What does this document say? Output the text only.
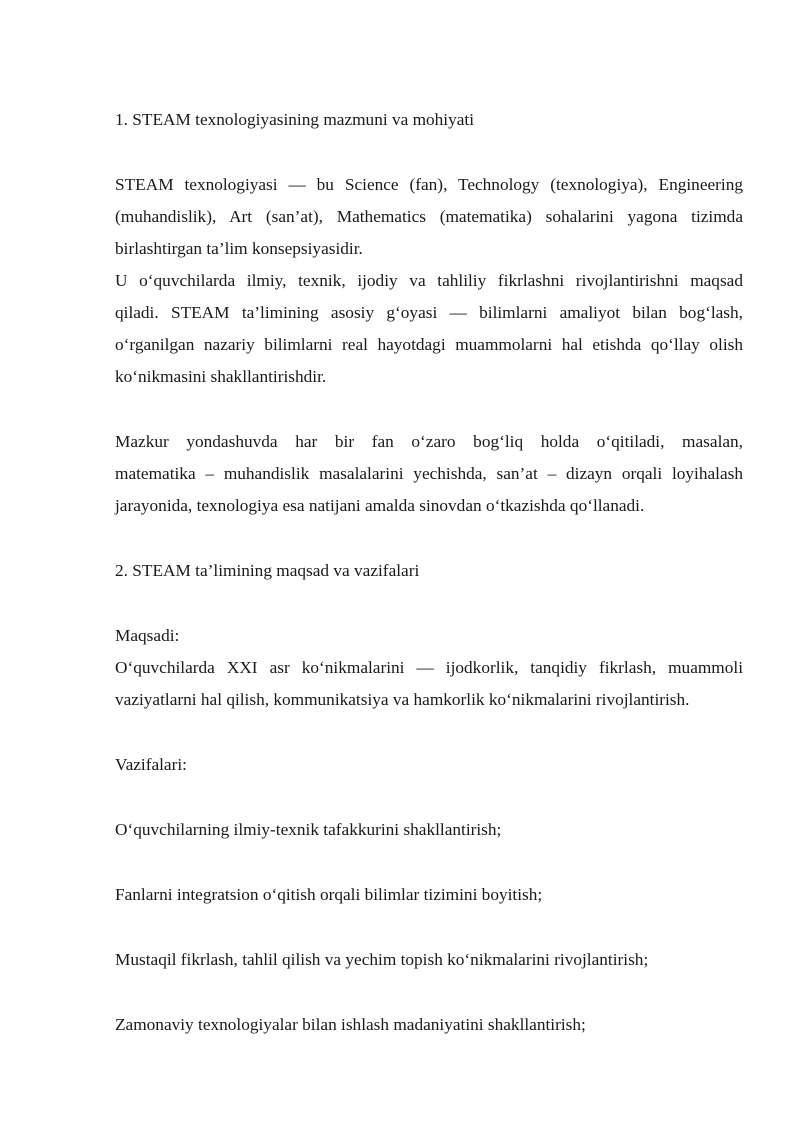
1. STEAM texnologiyasining mazmuni va mohiyati
STEAM texnologiyasi — bu Science (fan), Technology (texnologiya), Engineering
(muhandislik), Art (san’at), Mathematics (matematika) sohalarini yagona tizimda
birlashtirgan ta’lim konsepsiyasidir.
U oʻquvchilarda ilmiy, texnik, ijodiy va tahliliy fikrlashni rivojlantirishni maqsad
qiladi. STEAM ta’limining asosiy gʻoyasi — bilimlarni amaliyot bilan bogʻlash,
oʻrganilgan nazariy bilimlarni real hayotdagi muammolarni hal etishda qoʻllay olish
koʻnikmasini shakllantirishdir.
Mazkur yondashuvda har bir fan oʻzaro bogʻliq holda oʻqitiladi, masalan,
matematika – muhandislik masalalarini yechishda, san’at – dizayn orqali loyihalash
jarayonida, texnologiya esa natijani amalda sinovdan oʻtkazishda qoʻllanadi.
2. STEAM ta’limining maqsad va vazifalari
Maqsadi:
Oʻquvchilarda XXI asr koʻnikmalarini — ijodkorlik, tanqidiy fikrlash, muammoli
vaziyatlarni hal qilish, kommunikatsiya va hamkorlik koʻnikmalarini rivojlantirish.
Vazifalari:
Oʻquvchilarning ilmiy-texnik tafakkurini shakllantirish;
Fanlarni integratsion oʻqitish orqali bilimlar tizimini boyitish;
Mustaqil fikrlash, tahlil qilish va yechim topish koʻnikmalarini rivojlantirish;
Zamonaviy texnologiyalar bilan ishlash madaniyatini shakllantirish;
